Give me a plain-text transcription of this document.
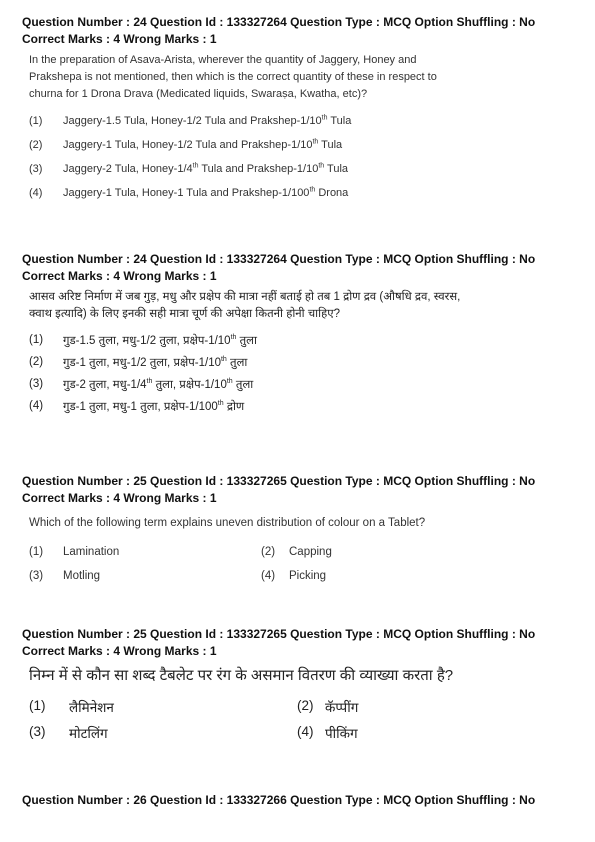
Question Number : 24 Question Id : 133327264 Question Type : MCQ Option Shuffling : No

Correct Marks : 4 Wrong Marks : 1

In the preparation of Asava-Arista, wherever the quantity of Jaggery, Honey and Prakshepa is not mentioned, then which is the correct quantity of these in respect to churna for 1 Drona Drava (Medicated liquids, Swaraṣa, Kwatha, etc)?
(1)	Jaggery-1.5 Tula, Honey-1/2 Tula and Prakshep-1/10th Tula
(2)	Jaggery-1 Tula, Honey-1/2 Tula and Prakshep-1/10th Tula
(3)	Jaggery-2 Tula, Honey-1/4th Tula and Prakshep-1/10th Tula
(4)	Jaggery-1 Tula, Honey-1 Tula and Prakshep-1/100th Drona

Question Number : 24 Question Id : 133327264 Question Type : MCQ Option Shuffling : No

Correct Marks : 4 Wrong Marks : 1

आसव अरिष्ट निर्माण में जब गुड़, मधु और प्रक्षेप की मात्रा नहीं बताई हो तब 1 द्रोण द्रव (औषधि द्रव, स्वरस, क्वाथ इत्यादि) के लिए इनकी सही मात्रा चूर्ण की अपेक्षा कितनी होनी चाहिए?
(1)	गुड-1.5 तुला, मधु-1/2 तुला, प्रक्षेप-1/10th तुला
(2)	गुड-1 तुला, मधु-1/2 तुला, प्रक्षेप-1/10th तुला
(3)	गुड-2 तुला, मधु-1/4th तुला, प्रक्षेप-1/10th तुला
(4)	गुड-1 तुला, मधु-1 तुला, प्रक्षेप-1/100th द्रोण

Question Number : 25 Question Id : 133327265 Question Type : MCQ Option Shuffling : No

Correct Marks : 4 Wrong Marks : 1

Which of the following term explains uneven distribution of colour on a Tablet?
(1)	Lamination	(2)	Capping
(3)	Motling	(4)	Picking

Question Number : 25 Question Id : 133327265 Question Type : MCQ Option Shuffling : No

Correct Marks : 4 Wrong Marks : 1

निम्न में से कौन सा शब्द टैबलेट पर रंग के असमान वितरण की व्याख्या करता है?
(1)	लैमिनेशन	(2) कॅप्पींग
(3)	मोटलिंग	(4) पीकिंग

Question Number : 26 Question Id : 133327266 Question Type : MCQ Option Shuffling : No
